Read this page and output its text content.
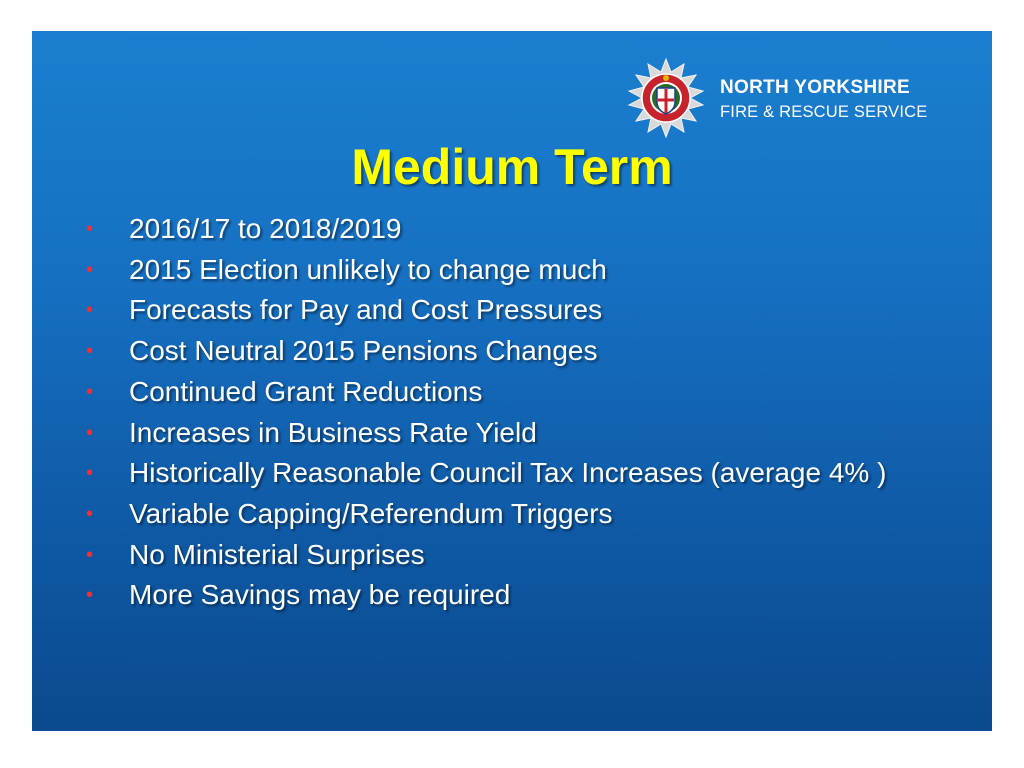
NORTH YORKSHIRE
FIRE & RESCUE SERVICE
Medium Term
• 2016/17 to 2018/2019
• 2015 Election unlikely to change much
• Forecasts for Pay and Cost Pressures
• Cost Neutral 2015 Pensions Changes
• Continued Grant Reductions
• Increases in Business Rate Yield
• Historically Reasonable Council Tax Increases (average 4% )
• Variable Capping/Referendum Triggers
• No Ministerial Surprises
• More Savings may be required
